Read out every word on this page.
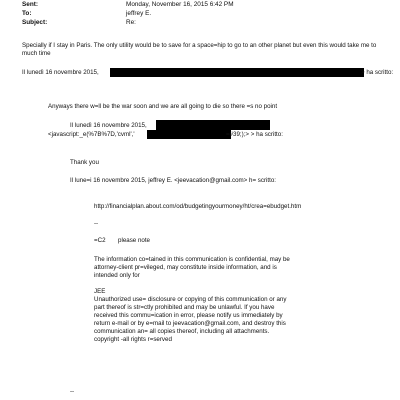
Sent:	Monday, November 16, 2015 6:42 PM
To:	jeffrey E.
Subject:	Re:
Specially if I stay in Paris. The only utility would be to save for a space=hip to go to an other planet but even this would take me to much time
Il lunedì 16 novembre 2015,	> ha scritto:
Anyways there w=ll be the war soon and we are all going to die so there =s no point
Il lunedì 16 novembre 2015,
<javascript:_e(%7B%7D,'cvml','	=#39;);> > ha scritto:
Thank you
Il lune=i 16 novembre 2015, jeffrey E. <jeevacation@gmail.com> h= scritto:
http://financialplan.about.com/od/budgetingyourmoney/ht/crea=ebudget.htm
--
=C2 please note
The information co=tained in this communication is confidential, may be attorney-client pr=vileged, may constitute inside information, and is intended only for
JEE
Unauthorized use= disclosure or copying of this communication or any part thereof is str=ctly prohibited and may be unlawful. If you have received this commu=ication in error, please notify us immediately by return e-mail or by e=mail to jeevacation@gmail.com, and destroy this communication an= all copies thereof, including all attachments. copyright -all rights r=served
--
